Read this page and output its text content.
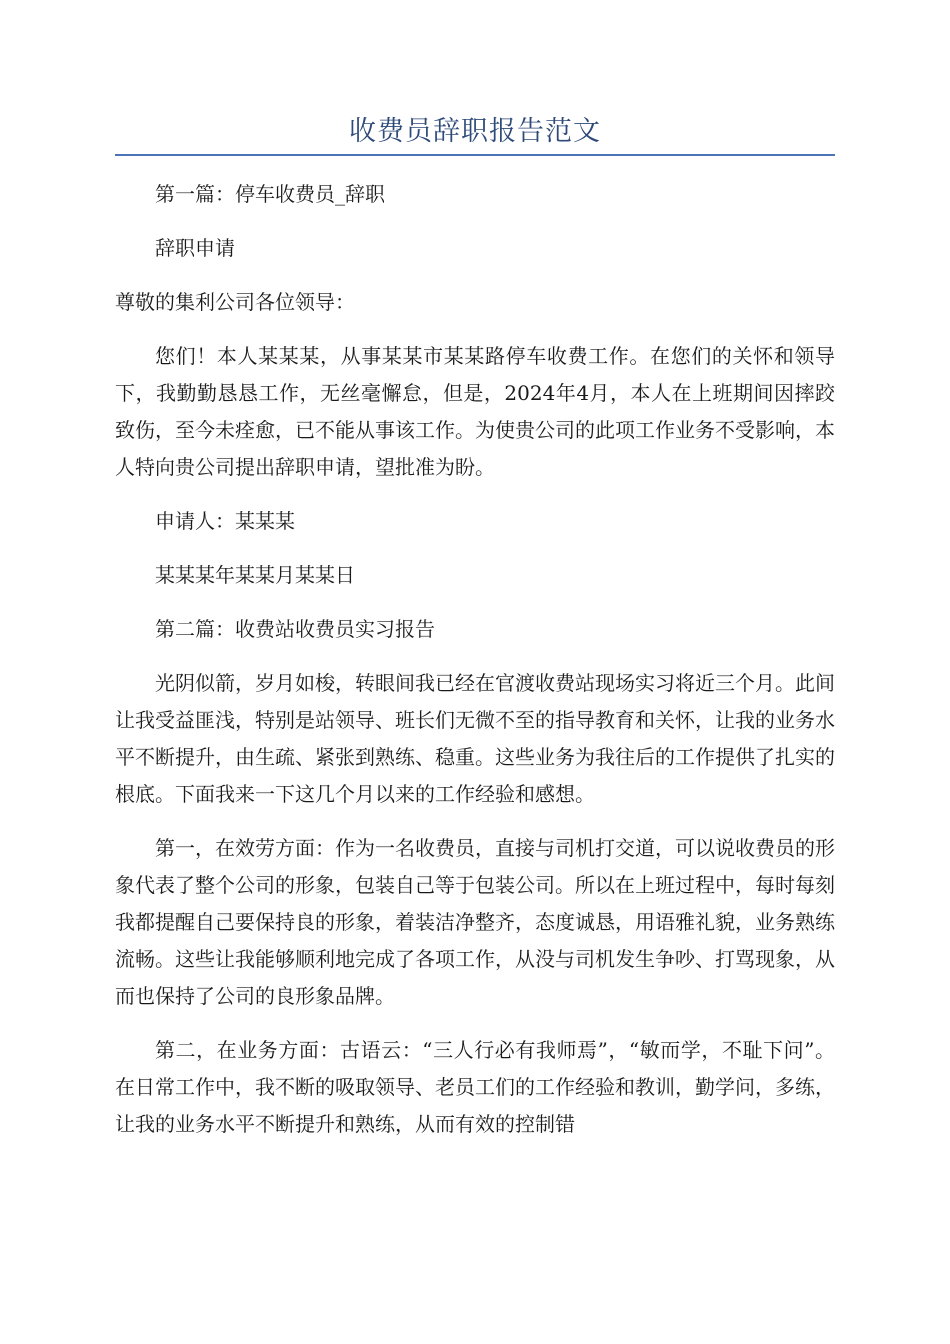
收费员辞职报告范文

第一篇：停车收费员_辞职

辞职申请

尊敬的集利公司各位领导：

您们！本人某某某，从事某某市某某路停车收费工作。在您们的关怀和领导下，我勤勤恳恳工作，无丝毫懈怠，但是，2024年4月，本人在上班期间因摔跤致伤，至今未痊愈，已不能从事该工作。为使贵公司的此项工作业务不受影响，本人特向贵公司提出辞职申请，望批准为盼。

申请人：某某某

某某某年某某月某某日

第二篇：收费站收费员实习报告

光阴似箭，岁月如梭，转眼间我已经在官渡收费站现场实习将近三个月。此间让我受益匪浅，特别是站领导、班长们无微不至的指导教育和关怀，让我的业务水平不断提升，由生疏、紧张到熟练、稳重。这些业务为我往后的工作提供了扎实的根底。下面我来一下这几个月以来的工作经验和感想。

第一，在效劳方面：作为一名收费员，直接与司机打交道，可以说收费员的形象代表了整个公司的形象，包装自己等于包装公司。所以在上班过程中，每时每刻我都提醒自己要保持良的形象，着装洁净整齐，态度诚恳，用语雅礼貌，业务熟练流畅。这些让我能够顺利地完成了各项工作，从没与司机发生争吵、打骂现象，从而也保持了公司的良形象品牌。

第二，在业务方面：古语云：“三人行必有我师焉”，“敏而学，不耻下问”。在日常工作中，我不断的吸取领导、老员工们的工作经验和教训，勤学问，多练，让我的业务水平不断提升和熟练，从而有效的控制错
